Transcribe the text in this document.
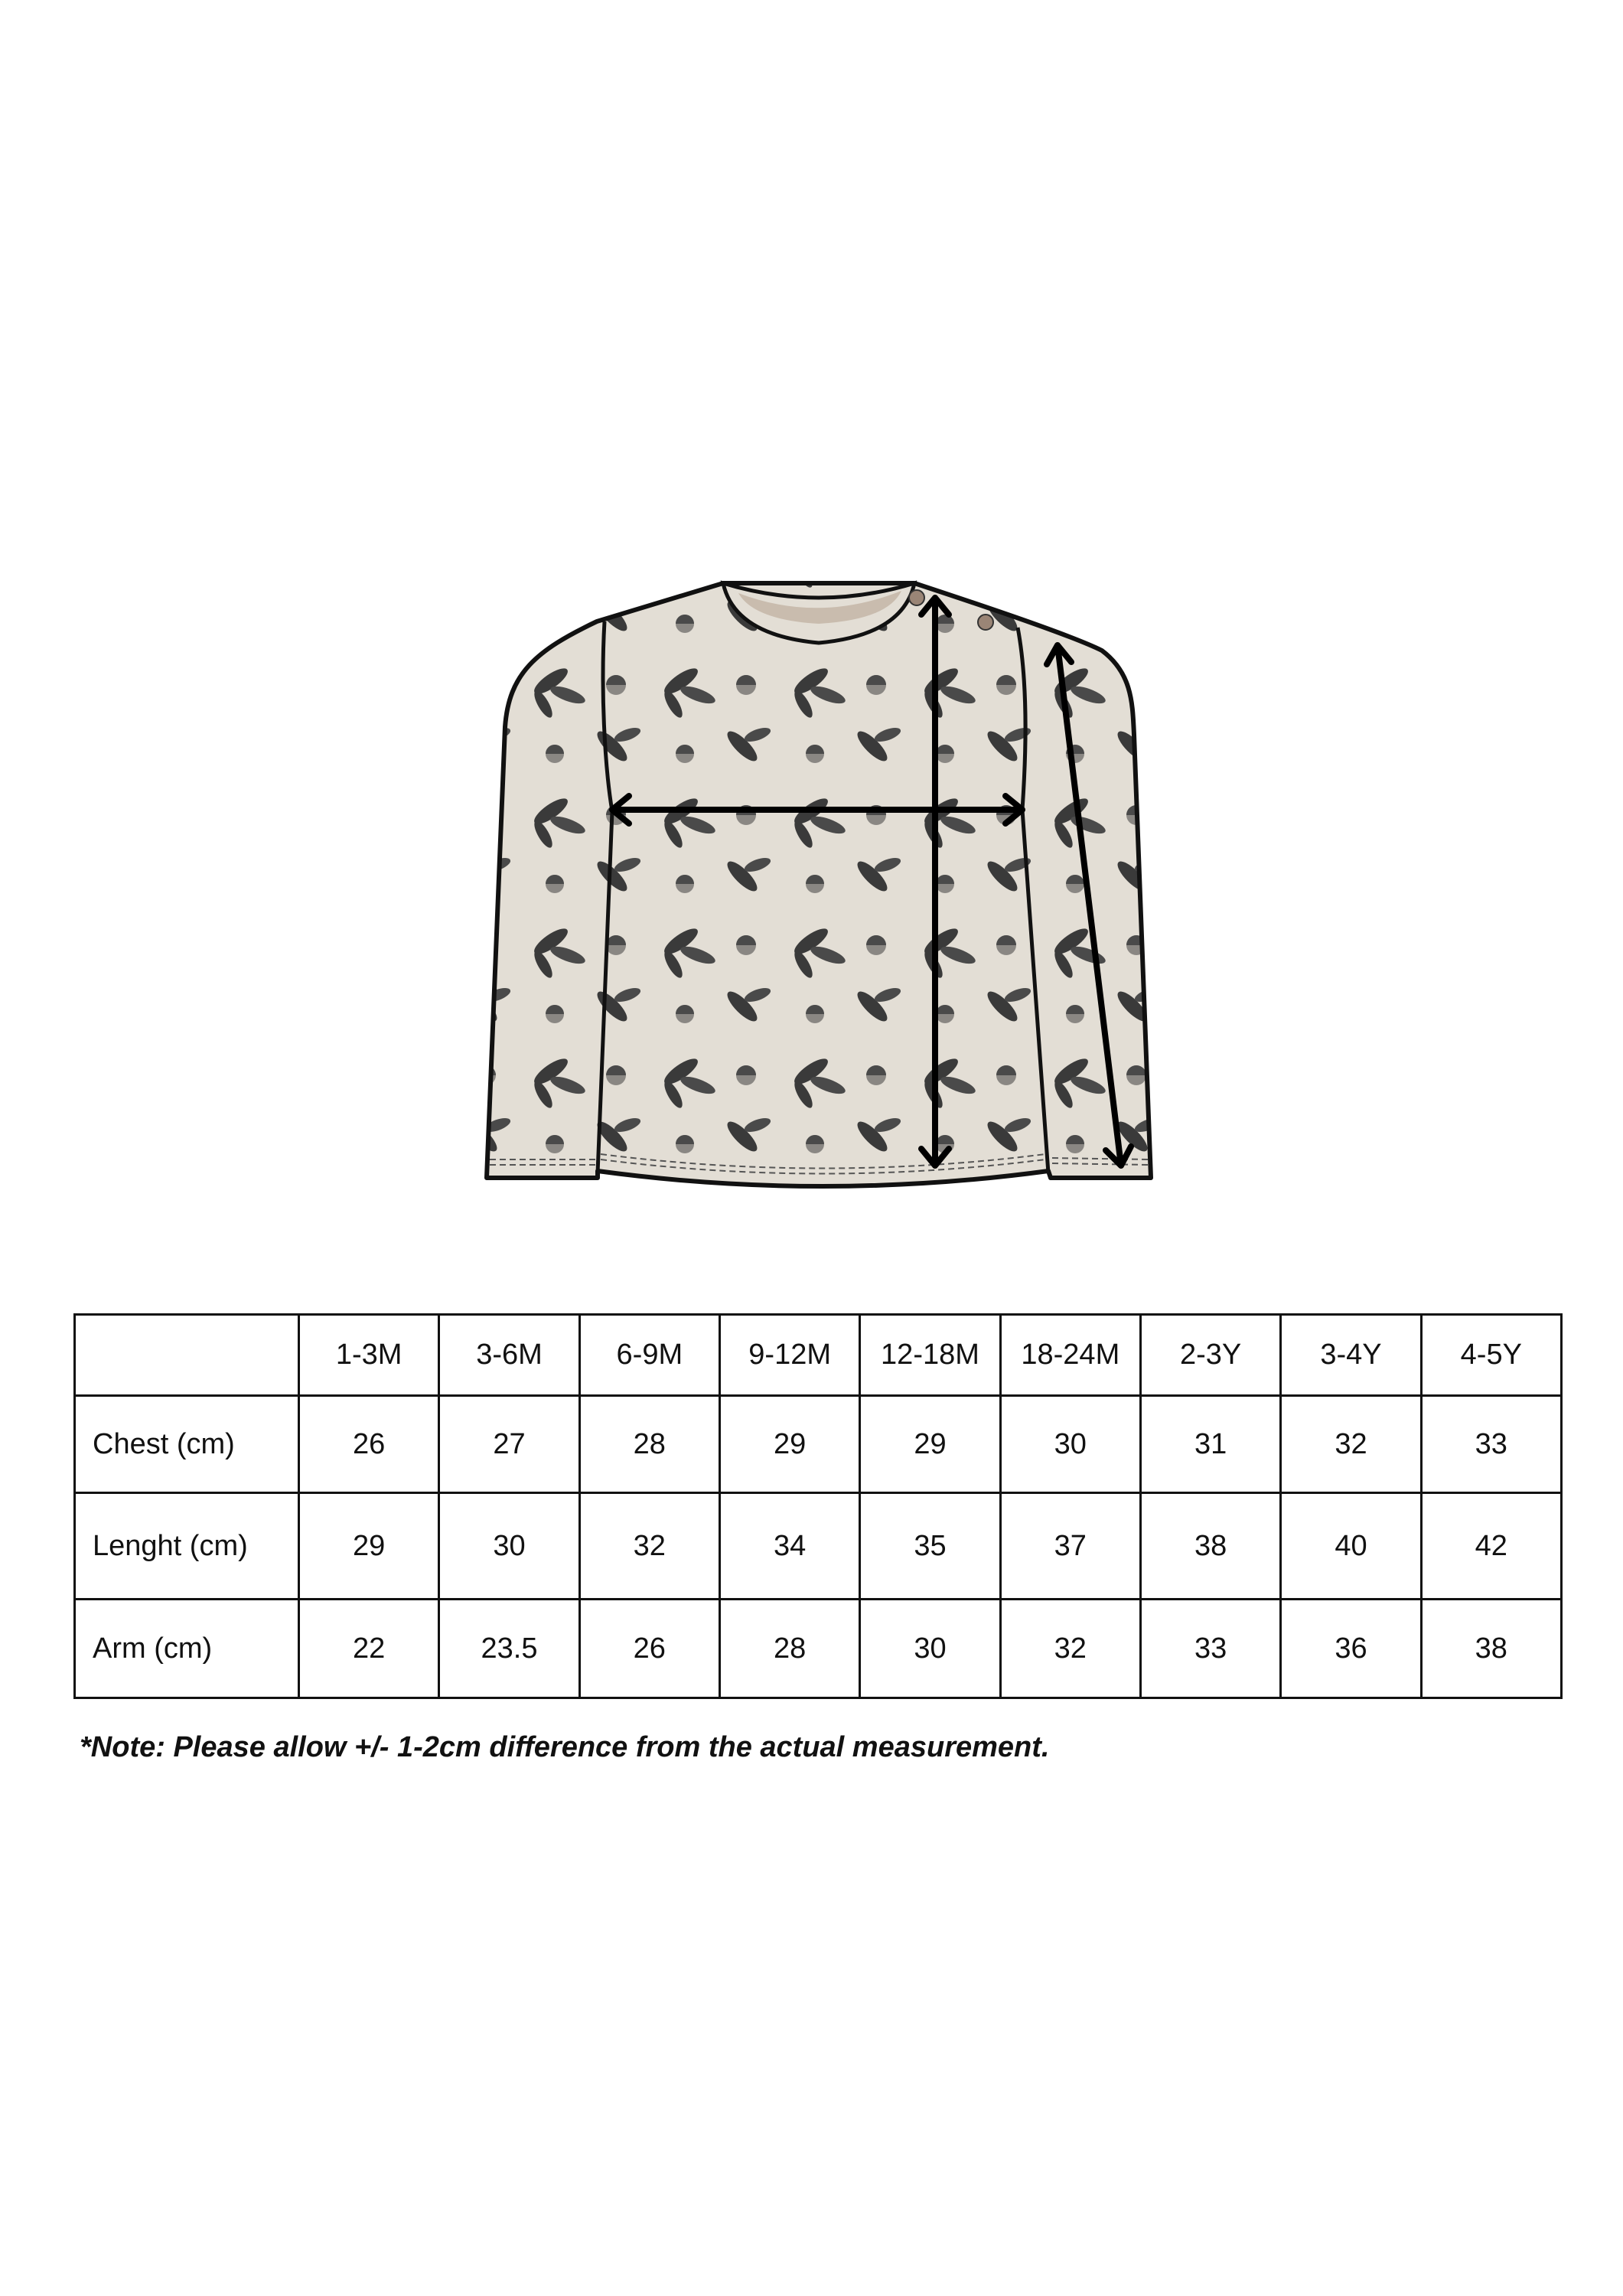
	1-3M	3-6M	6-9M	9-12M	12-18M	18-24M	2-3Y	3-4Y	4-5Y
Chest (cm)	26	27	28	29	29	30	31	32	33
Lenght (cm)	29	30	32	34	35	37	38	40	42
Arm (cm)	22	23.5	26	28	30	32	33	36	38
*Note: Please allow +/- 1-2cm difference from the actual measurement.
